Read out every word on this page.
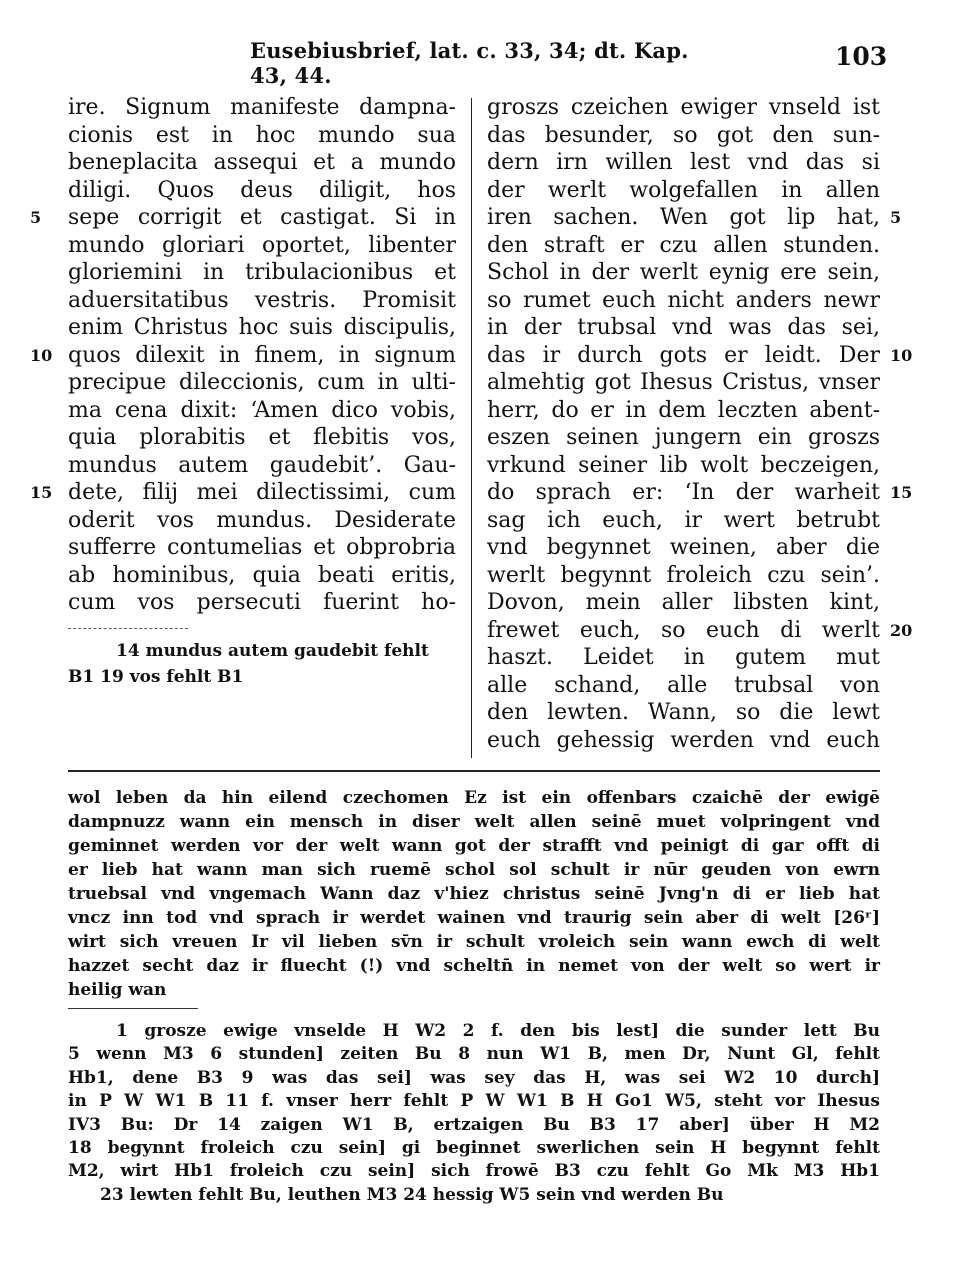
Eusebiusbrief, lat. c. 33, 34; dt. Kap. 43, 44.
103
ire. Signum manifeste dampna-
cionis est in hoc mundo sua
beneplacita assequi et a mundo
diligi. Quos deus diligit, hos
sepe corrigit et castigat. Si in
mundo gloriari oportet, libenter
gloriemini in tribulacionibus et
aduersitatibus vestris. Promisit
enim Christus hoc suis discipulis,
quos dilexit in finem, in signum
precipue dileccionis, cum in ulti-
ma cena dixit: ‘Amen dico vobis,
quia plorabitis et flebitis vos,
mundus autem gaudebit’. Gau-
dete, filij mei dilectissimi, cum
oderit vos mundus. Desiderate
sufferre contumelias et obprobria
ab hominibus, quia beati eritis,
cum vos persecuti fuerint ho-
5
10
15
14 mundus autem gaudebit fehlt
B1 19 vos fehlt B1
groszs czeichen ewiger vnseld ist
das besunder, so got den sun-
dern irn willen lest vnd das si
der werlt wolgefallen in allen
iren sachen. Wen got lip hat,
den straft er czu allen stunden.
Schol in der werlt eynig ere sein,
so rumet euch nicht anders newr
in der trubsal vnd was das sei,
das ir durch gots er leidt. Der
almehtig got Ihesus Cristus, vnser
herr, do er in dem leczten abent-
eszen seinen jungern ein groszs
vrkund seiner lib wolt beczeigen,
do sprach er: ‘In der warheit
sag ich euch, ir wert betrubt
vnd begynnet weinen, aber die
werlt begynnt froleich czu sein’.
Dovon, mein aller libsten kint,
frewet euch, so euch di werlt
haszt. Leidet in gutem mut
alle schand, alle trubsal von
den lewten. Wann, so die lewt
euch gehessig werden vnd euch
5
10
15
20
wol leben da hin eilend czechomen Ez ist ein offenbars czaichē der ewigē
dampnuzz wann ein mensch in diser welt allen seinē muet volpringent vnd
geminnet werden vor der welt wann got der strafft vnd peinigt di gar offt di
er lieb hat wann man sich ruemē schol sol schult ir nūr geuden von ewrn
truebsal vnd vngemach Wann daz v'hiez christus seinē Jvng'n di er lieb hat
vncz inn tod vnd sprach ir werdet wainen vnd traurig sein aber di welt [26ʳ]
wirt sich vreuen Ir vil lieben sv̄n ir schult vroleich sein wann ewch di welt
hazzet secht daz ir fluecht (!) vnd scheltn̄ in nemet von der welt so wert ir
heilig wan
1 grosze ewige vnselde H W2 2 f. den bis lest] die sunder lett Bu
5 wenn M3 6 stunden] zeiten Bu 8 nun W1 B, men Dr, Nunt Gl, fehlt
Hb1, dene B3 9 was das sei] was sey das H, was sei W2 10 durch]
in P W W1 B 11 f. vnser herr fehlt P W W1 B H Go1 W5, steht vor Ihesus
IV3 Bu: Dr 14 zaigen W1 B, ertzaigen Bu B3 17 aber] über H M2
18 begynnt froleich czu sein] gi beginnet swerlichen sein H begynnt fehlt
M2, wirt Hb1 froleich czu sein] sich frowē B3 czu fehlt Go Mk M3 Hb1
23 lewten fehlt Bu, leuthen M3 24 hessig W5 sein vnd werden Bu
